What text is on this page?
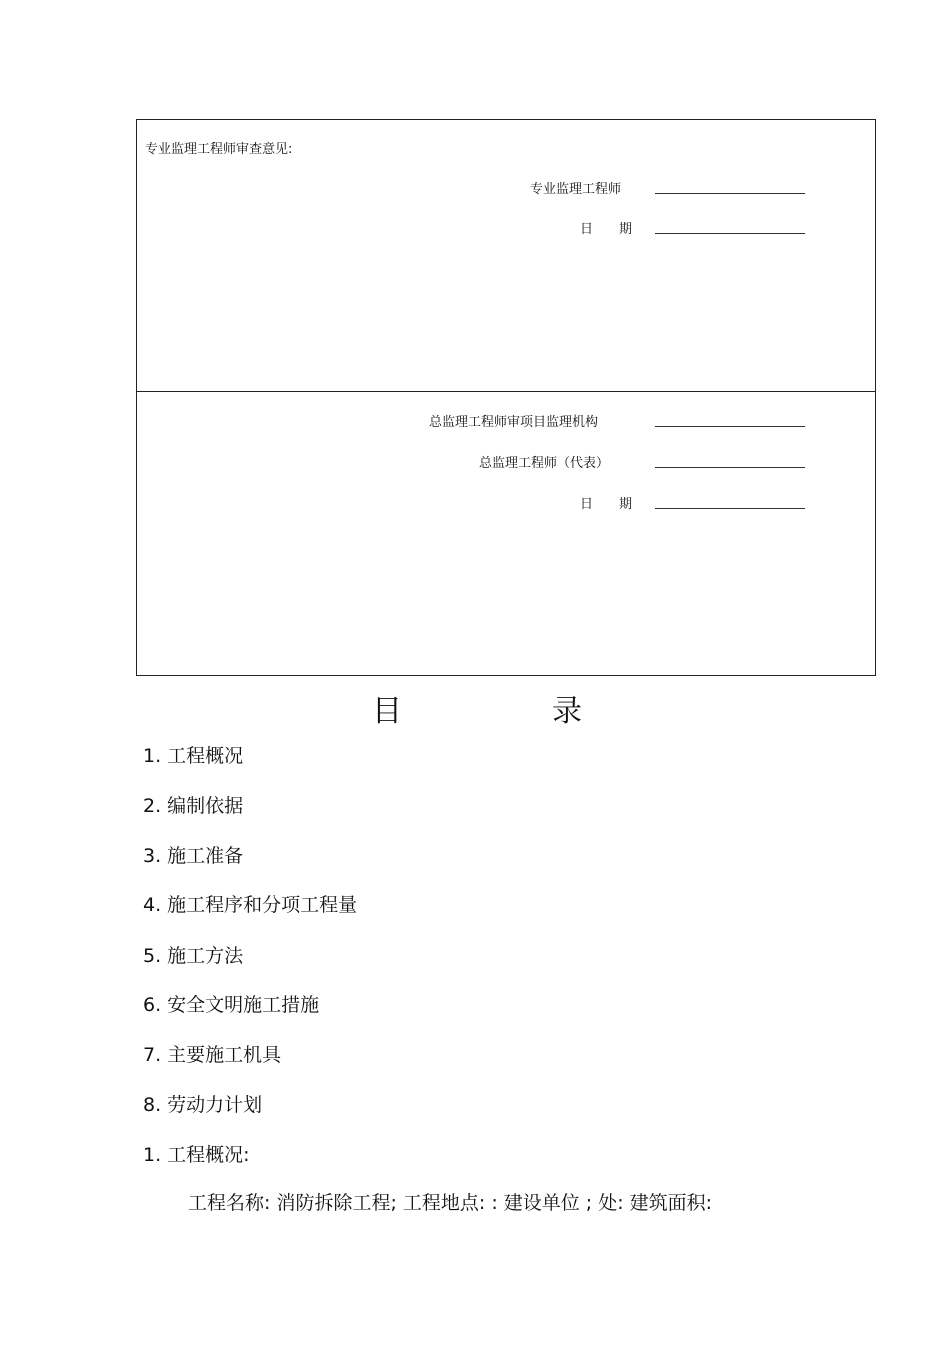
专业监理工程师审查意见:
专业监理工程师
日　　期
总监理工程师审项目监理机构
总监理工程师（代表）
日　　期
目	录
1. 工程概况
2. 编制依据
3. 施工准备
4. 施工程序和分项工程量
5. 施工方法
6. 安全文明施工措施
7. 主要施工机具
8. 劳动力计划
1. 工程概况:
工程名称: 消防拆除工程; 工程地点: : 建设单位 ; 处: 建筑面积:
